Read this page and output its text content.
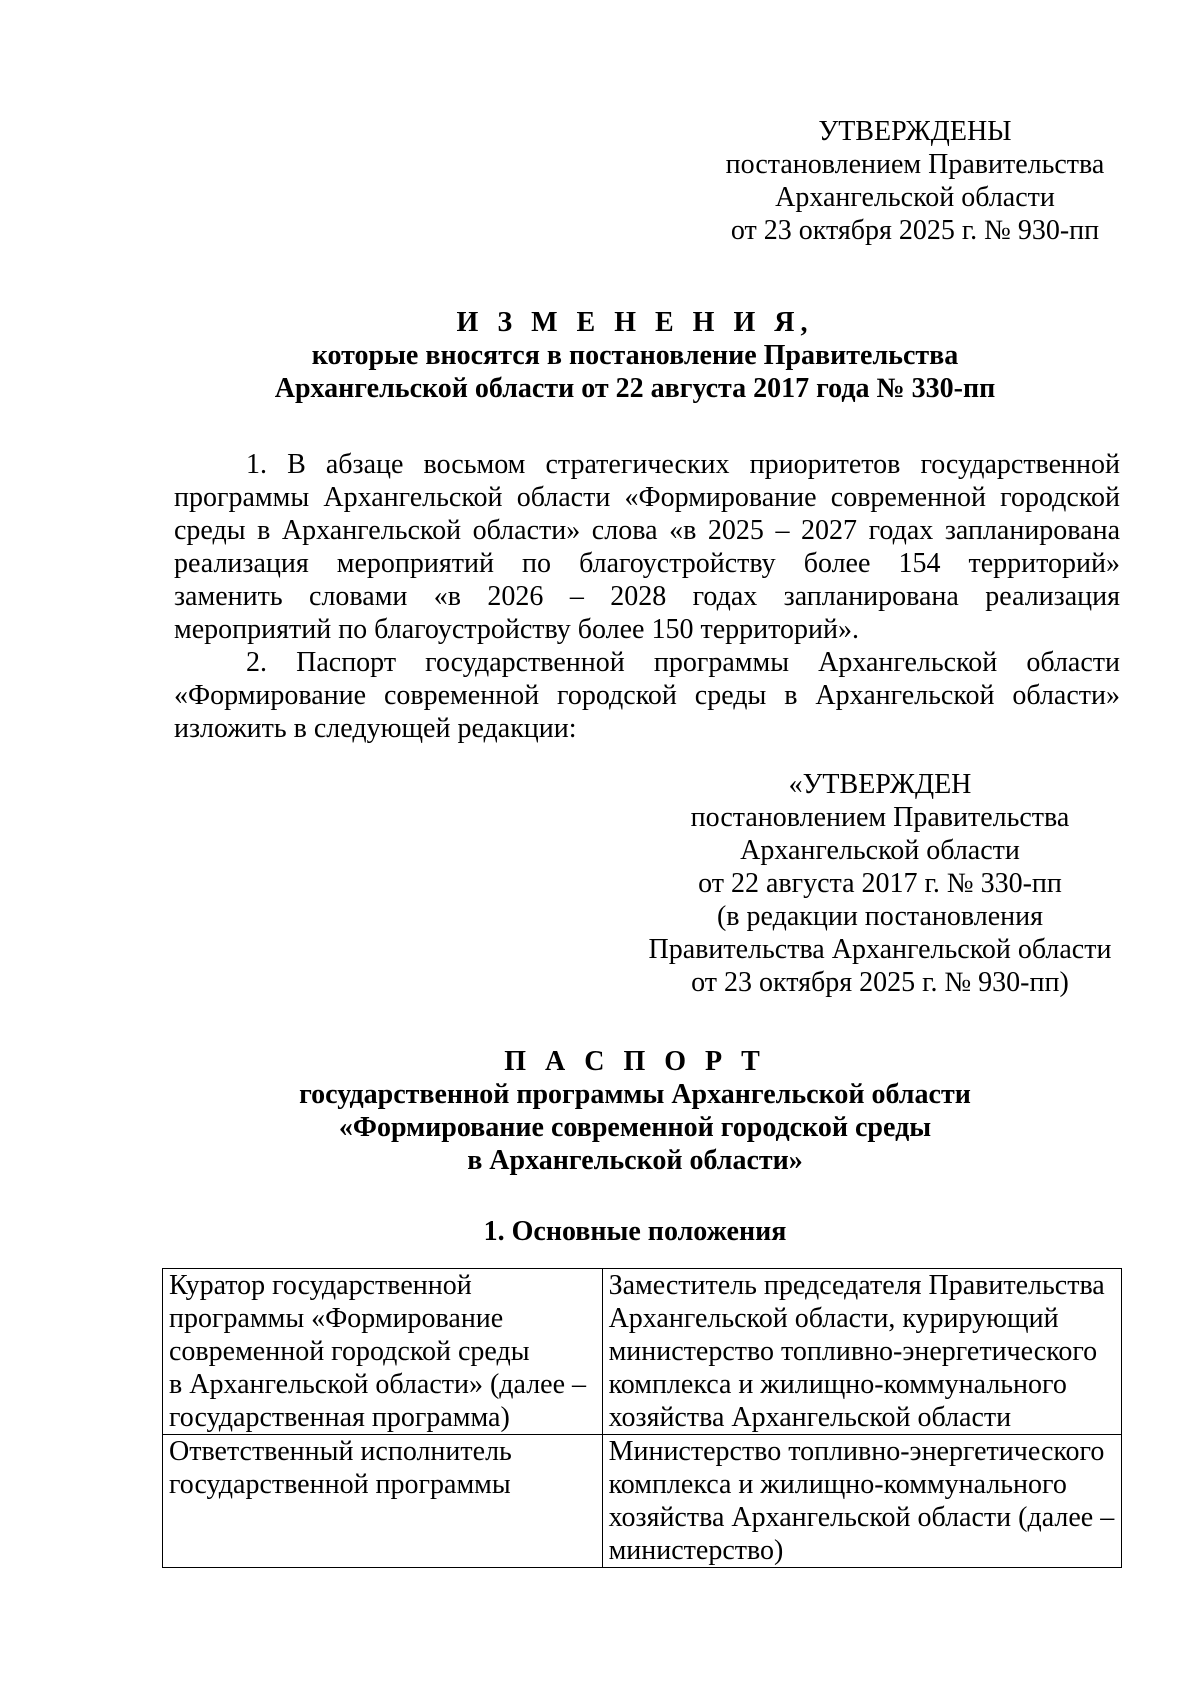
УТВЕРЖДЕНЫ
постановлением Правительства
Архангельской области
от 23 октября 2025 г. № 930-пп
И З М Е Н Е Н И Я,
которые вносятся в постановление Правительства
Архангельской области от 22 августа 2017 года № 330-пп
1. В абзаце восьмом стратегических приоритетов государственной
программы Архангельской области «Формирование современной городской
среды в Архангельской области» слова «в 2025 – 2027 годах запланирована
реализация мероприятий по благоустройству более 154 территорий»
заменить словами «в 2026 – 2028 годах запланирована реализация
мероприятий по благоустройству более 150 территорий».
2. Паспорт государственной программы Архангельской области
«Формирование современной городской среды в Архангельской области»
изложить в следующей редакции:
«УТВЕРЖДЕН
постановлением Правительства
Архангельской области
от 22 августа 2017 г. № 330-пп
(в редакции постановления
Правительства Архангельской области
от 23 октября 2025 г. № 930-пп)
П А С П О Р Т
государственной программы Архангельской области
«Формирование современной городской среды
в Архангельской области»
1. Основные положения
Куратор государственной
программы «Формирование
современной городской среды
в Архангельской области» (далее –
государственная программа)	Заместитель председателя Правительства
Архангельской области, курирующий
министерство топливно-энергетического
комплекса и жилищно-коммунального
хозяйства Архангельской области

Ответственный исполнитель
государственной программы	Министерство топливно-энергетического
комплекса и жилищно-коммунального
хозяйства Архангельской области (далее –
министерство)
